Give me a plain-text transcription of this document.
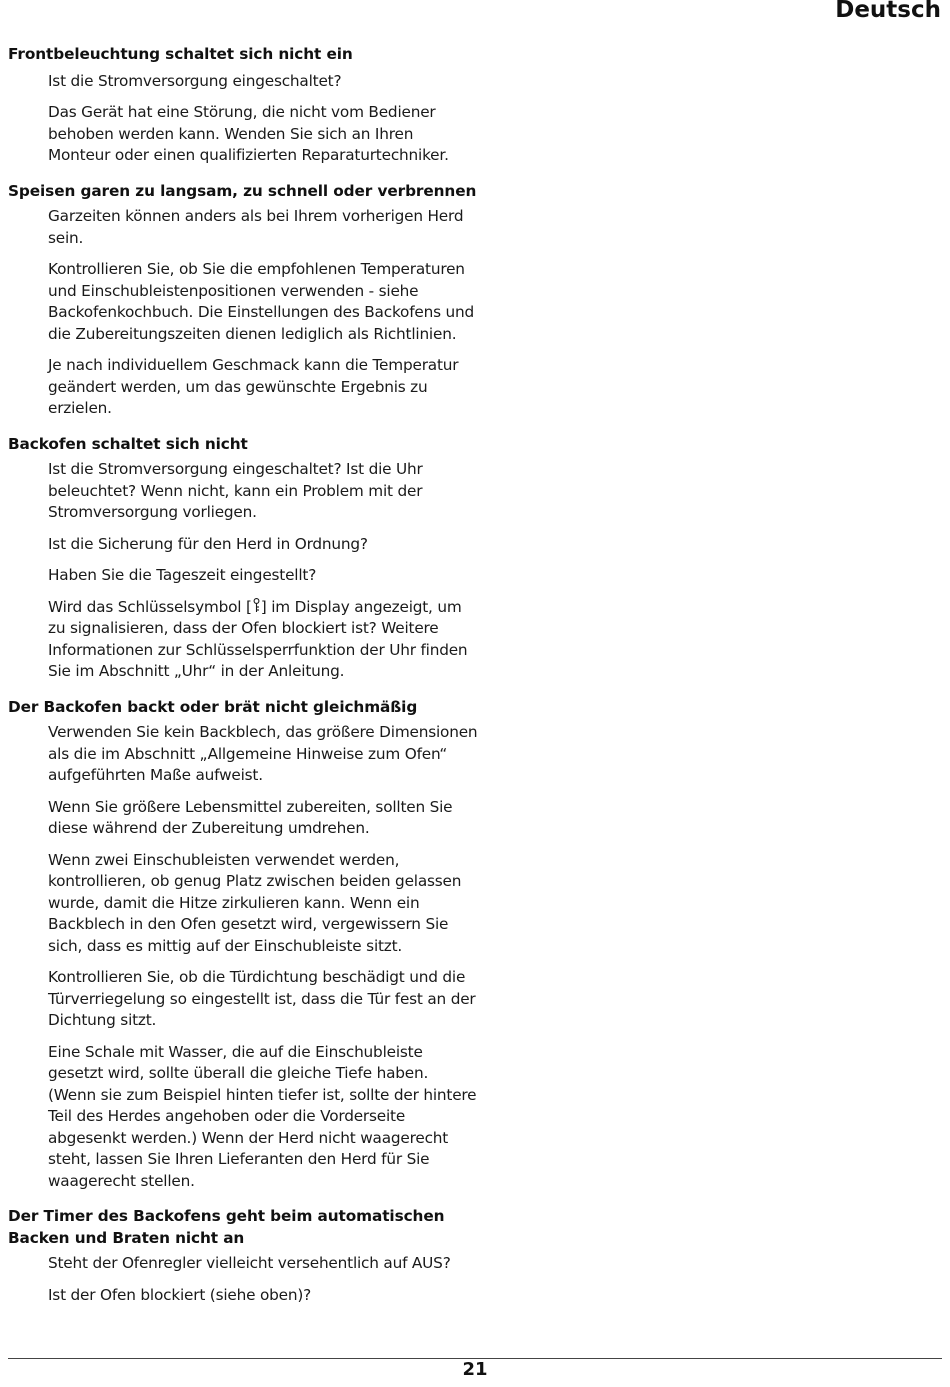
Deutsch

Frontbeleuchtung schaltet sich nicht ein

Ist die Stromversorgung eingeschaltet?

Das Gerät hat eine Störung, die nicht vom Bediener behoben werden kann. Wenden Sie sich an Ihren Monteur oder einen qualifizierten Reparaturtechniker.

Speisen garen zu langsam, zu schnell oder verbrennen

Garzeiten können anders als bei Ihrem vorherigen Herd sein.

Kontrollieren Sie, ob Sie die empfohlenen Temperaturen und Einschubleistenpositionen verwenden - siehe Backofenkochbuch. Die Einstellungen des Backofens und die Zubereitungszeiten dienen lediglich als Richtlinien.

Je nach individuellem Geschmack kann die Temperatur geändert werden, um das gewünschte Ergebnis zu erzielen.

Backofen schaltet sich nicht

Ist die Stromversorgung eingeschaltet? Ist die Uhr beleuchtet? Wenn nicht, kann ein Problem mit der Stromversorgung vorliegen.

Ist die Sicherung für den Herd in Ordnung?

Haben Sie die Tageszeit eingestellt?

Wird das Schlüsselsymbol [ ] im Display angezeigt, um zu signalisieren, dass der Ofen blockiert ist? Weitere Informationen zur Schlüsselsperrfunktion der Uhr finden Sie im Abschnitt „Uhr“ in der Anleitung.

Der Backofen backt oder brät nicht gleichmäßig

Verwenden Sie kein Backblech, das größere Dimensionen als die im Abschnitt „Allgemeine Hinweise zum Ofen“ aufgeführten Maße aufweist.

Wenn Sie größere Lebensmittel zubereiten, sollten Sie diese während der Zubereitung umdrehen.

Wenn zwei Einschubleisten verwendet werden, kontrollieren, ob genug Platz zwischen beiden gelassen wurde, damit die Hitze zirkulieren kann. Wenn ein Backblech in den Ofen gesetzt wird, vergewissern Sie sich, dass es mittig auf der Einschubleiste sitzt.

Kontrollieren Sie, ob die Türdichtung beschädigt und die Türverriegelung so eingestellt ist, dass die Tür fest an der Dichtung sitzt.

Eine Schale mit Wasser, die auf die Einschubleiste gesetzt wird, sollte überall die gleiche Tiefe haben. (Wenn sie zum Beispiel hinten tiefer ist, sollte der hintere Teil des Herdes angehoben oder die Vorderseite abgesenkt werden.) Wenn der Herd nicht waagerecht steht, lassen Sie Ihren Lieferanten den Herd für Sie waagerecht stellen.

Der Timer des Backofens geht beim automatischen Backen und Braten nicht an

Steht der Ofenregler vielleicht versehentlich auf AUS?

Ist der Ofen blockiert (siehe oben)?

21
